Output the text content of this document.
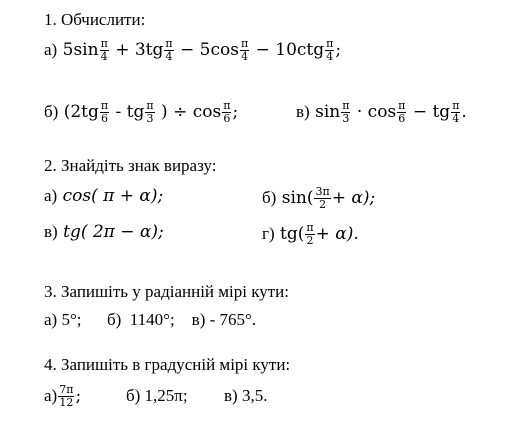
1. Обчислити:
а) $5\sin \frac{\pi}{4} + 3tg \frac{\pi}{4} - 5\cos \frac{\pi}{4} - 10ctg \frac{\pi}{4}$ ;
б) ($2tg \frac{\pi}{6}$ - tg $\frac{\pi}{3}$ ) ÷ $\cos \frac{\pi}{6}$ ;	в) $\sin \frac{\pi}{3} \cdot \cos \frac{\pi}{6}$ − tg $\frac{\pi}{4}$ .
2. Знайдіть знак виразу:
а) cos( π + α);	б) $\sin( \frac{3\pi}{2} + \alpha)$;
в) tg( 2π − α);	г) $tg( \frac{\pi}{2} + \alpha)$.
3. Запишіть у радіанній мірі кути:
а) 5°;      б)  1140°;    в) - 765°.
4. Запишіть в градусній мірі кути:
$а) \frac{7\pi}{12}$ ;	б) 1,25π; в) 3,5.
